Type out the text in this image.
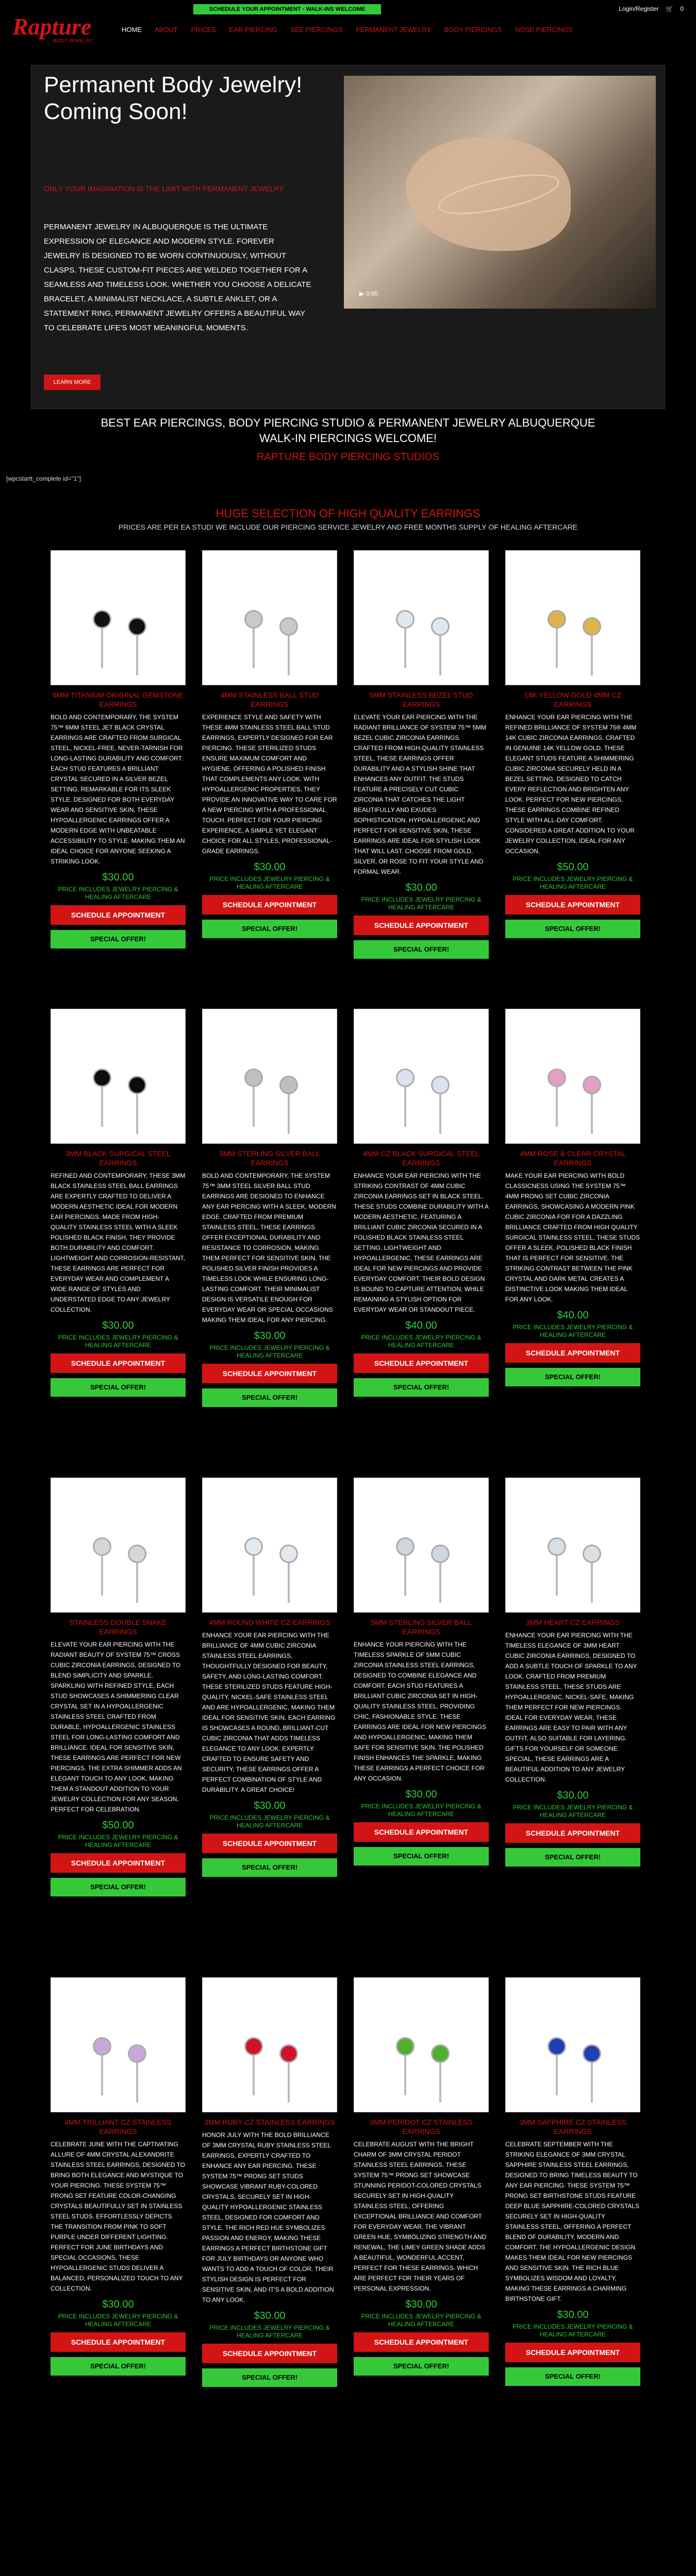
SCHEDULE YOUR APPOINTMENT · WALK-INS WELCOME	Login/Register 🛒 0
Rapture
BODY JEWELRY
HOME ABOUT PRICES EAR PIERCING SEE PIERCINGS PERMANENT JEWELRY BODY PIERCINGS NOSE PIERCINGS
Permanent Body Jewelry! Coming Soon!
ONLY YOUR IMAGINATION IS THE LIMIT WITH PERMANENT JEWELRY
PERMANENT JEWELRY IN ALBUQUERQUE IS THE ULTIMATE EXPRESSION OF ELEGANCE AND MODERN STYLE. FOREVER JEWELRY IS DESIGNED TO BE WORN CONTINUOUSLY, WITHOUT CLASPS. THESE CUSTOM-FIT PIECES ARE WELDED TOGETHER FOR A SEAMLESS AND TIMELESS LOOK. WHETHER YOU CHOOSE A DELICATE BRACELET, A MINIMALIST NECKLACE, A SUBTLE ANKLET, OR A STATEMENT RING, PERMANENT JEWELRY OFFERS A BEAUTIFUL WAY TO CELEBRATE LIFE'S MOST MEANINGFUL MOMENTS.
LEARN MORE
▶ 0:00
BEST EAR PIERCINGS, BODY PIERCING STUDIO & PERMANENT JEWELRY ALBUQUERQUE
WALK-IN PIERCINGS WELCOME!
RAPTURE BODY PIERCING STUDIOS
[wpcstartt_complete id="1"]
HUGE SELECTION OF HIGH QUALITY EARRINGS
PRICES ARE PER EA STUD! WE INCLUDE OUR PIERCING SERVICE JEWELRY AND FREE MONTHS SUPPLY OF HEALING AFTERCARE
6MM TITANIUM ORIGINAL GEMSTONE EARRINGS
BOLD AND CONTEMPORARY, THE SYSTEM 75™ 6MM STEEL JET BLACK CRYSTAL EARRINGS ARE CRAFTED FROM SURGICAL STEEL, NICKEL-FREE, NEVER-TARNISH FOR LONG-LASTING DURABILITY AND COMFORT. EACH STUD FEATURES A BRILLIANT CRYSTAL SECURED IN A SILVER BEZEL SETTING, REMARKABLE FOR ITS SLEEK STYLE. DESIGNED FOR BOTH EVERYDAY WEAR AND SENSITIVE SKIN, THESE HYPOALLERGENIC EARRINGS OFFER A MODERN EDGE WITH UNBEATABLE ACCESSIBILITY TO STYLE. MAKING THEM AN IDEAL CHOICE FOR ANYONE SEEKING A STRIKING LOOK.
$30.00
PRICE INCLUDES JEWELRY PIERCING & HEALING AFTERCARE
SCHEDULE APPOINTMENT
SPECIAL OFFER!
4MM STAINLESS BALL STUD EARRINGS
EXPERIENCE STYLE AND SAFETY WITH THESE 4MM STAINLESS STEEL BALL STUD EARRINGS, EXPERTLY DESIGNED FOR EAR PIERCING. THESE STERILIZED STUDS ENSURE MAXIMUM COMFORT AND HYGIENE, OFFERING A POLISHED FINISH THAT COMPLEMENTS ANY LOOK. WITH HYPOALLERGENIC PROPERTIES, THEY PROVIDE AN INNOVATIVE WAY TO CARE FOR A NEW PIERCING WITH A PROFESSIONAL TOUCH. PERFECT FOR YOUR PIERCING EXPERIENCE, A SIMPLE YET ELEGANT CHOICE FOR ALL STYLES, PROFESSIONAL-GRADE EARRINGS.
$30.00
PRICE INCLUDES JEWELRY PIERCING & HEALING AFTERCARE
SCHEDULE APPOINTMENT
SPECIAL OFFER!
5MM STAINLESS BEZEL STUD EARRINGS
ELEVATE YOUR EAR PIERCING WITH THE RADIANT BRILLIANCE OF SYSTEM 75™ 5MM BEZEL CUBIC ZIRCONIA EARRINGS. CRAFTED FROM HIGH-QUALITY STAINLESS STEEL, THESE EARRINGS OFFER DURABILITY AND A STYLISH SHINE THAT ENHANCES ANY OUTFIT. THE STUDS FEATURE A PRECISELY CUT CUBIC ZIRCONIA THAT CATCHES THE LIGHT BEAUTIFULLY AND EXUDES SOPHISTICATION. HYPOALLERGENIC AND PERFECT FOR SENSITIVE SKIN, THESE EARRINGS ARE IDEAL FOR STYLISH LOOK THAT WILL LAST. CHOOSE FROM GOLD, SILVER, OR ROSE TO FIT YOUR STYLE AND FORMAL WEAR.
$30.00
PRICE INCLUDES JEWELRY PIERCING & HEALING AFTERCARE
SCHEDULE APPOINTMENT
SPECIAL OFFER!
14K YELLOW GOLD 4MM CZ EARRINGS
ENHANCE YOUR EAR PIERCING WITH THE REFINED BRILLIANCE OF SYSTEM 75® 4MM 14K CUBIC ZIRCONIA EARRINGS. CRAFTED IN GENUINE 14K YELLOW GOLD, THESE ELEGANT STUDS FEATURE A SHIMMERING CUBIC ZIRCONIA SECURELY HELD IN A BEZEL SETTING, DESIGNED TO CATCH EVERY REFLECTION AND BRIGHTEN ANY LOOK. PERFECT FOR NEW PIERCINGS, THESE EARRINGS COMBINE REFINED STYLE WITH ALL-DAY COMFORT. CONSIDERED A GREAT ADDITION TO YOUR JEWELRY COLLECTION, IDEAL FOR ANY OCCASION.
$50.00
PRICE INCLUDES JEWELRY PIERCING & HEALING AFTERCARE
SCHEDULE APPOINTMENT
SPECIAL OFFER!
3MM BLACK SURGICAL STEEL EARRINGS
REFINED AND CONTEMPORARY, THESE 3MM BLACK STAINLESS STEEL BALL EARRINGS ARE EXPERTLY CRAFTED TO DELIVER A MODERN AESTHETIC IDEAL FOR MODERN EAR PIERCINGS. MADE FROM HIGH-QUALITY STAINLESS STEEL WITH A SLEEK POLISHED BLACK FINISH, THEY PROVIDE BOTH DURABILITY AND COMFORT. LIGHTWEIGHT AND CORROSION-RESISTANT, THESE EARRINGS ARE PERFECT FOR EVERYDAY WEAR AND COMPLEMENT A WIDE RANGE OF STYLES AND UNDERSTATED EDGE TO ANY JEWELRY COLLECTION.
$30.00
PRICE INCLUDES JEWELRY PIERCING & HEALING AFTERCARE
SCHEDULE APPOINTMENT
SPECIAL OFFER!
3MM STERLING SILVER BALL EARRINGS
BOLD AND CONTEMPORARY, THE SYSTEM 75™ 3MM STEEL SILVER BALL STUD EARRINGS ARE DESIGNED TO ENHANCE ANY EAR PIERCING WITH A SLEEK, MODERN EDGE. CRAFTED FROM PREMIUM STAINLESS STEEL, THESE EARRINGS OFFER EXCEPTIONAL DURABILITY AND RESISTANCE TO CORROSION, MAKING THEM PERFECT FOR SENSITIVE SKIN. THE POLISHED SILVER FINISH PROVIDES A TIMELESS LOOK WHILE ENSURING LONG-LASTING COMFORT. THEIR MINIMALIST DESIGN IS VERSATILE ENOUGH FOR EVERYDAY WEAR OR SPECIAL OCCASIONS MAKING THEM IDEAL FOR ANY PIERCING.
$30.00
PRICE INCLUDES JEWELRY PIERCING & HEALING AFTERCARE
SCHEDULE APPOINTMENT
SPECIAL OFFER!
4MM CZ BLACK SURGICAL STEEL EARRINGS
ENHANCE YOUR EAR PIERCING WITH THE STRIKING CONTRAST OF 4MM CUBIC ZIRCONIA EARRINGS SET IN BLACK STEEL. THESE STUDS COMBINE DURABILITY WITH A MODERN AESTHETIC, FEATURING A BRILLIANT CUBIC ZIRCONIA SECURED IN A POLISHED BLACK STAINLESS STEEL SETTING. LIGHTWEIGHT AND HYPOALLERGENIC, THESE EARRINGS ARE IDEAL FOR NEW PIERCINGS AND PROVIDE EVERYDAY COMFORT. THEIR BOLD DESIGN IS BOUND TO CAPTURE ATTENTION, WHILE REMAINING A STYLISH OPTION FOR EVERYDAY WEAR OR STANDOUT PIECE.
$40.00
PRICE INCLUDES JEWELRY PIERCING & HEALING AFTERCARE
SCHEDULE APPOINTMENT
SPECIAL OFFER!
4MM ROSE & CLEAR CRYSTAL EARRINGS
MAKE YOUR EAR PIERCING WITH BOLD CLASSICNESS USING THE SYSTEM 75™ 4MM PRONG SET CUBIC ZIRCONIA EARRINGS, SHOWCASING A MODERN PINK CUBIC ZIRCONIA FOR FOR A DAZZLING BRILLIANCE CRAFTED FROM HIGH QUALITY SURGICAL STAINLESS STEEL, THESE STUDS OFFER A SLEEK, POLISHED BLACK FINISH THAT IS PERFECT FOR SENSITIVE. THE STRIKING CONTRAST BETWEEN THE PINK CRYSTAL AND DARK METAL CREATES A DISTINCTIVE LOOK MAKING THEM IDEAL FOR ANY LOOK.
$40.00
PRICE INCLUDES JEWELRY PIERCING & HEALING AFTERCARE
SCHEDULE APPOINTMENT
SPECIAL OFFER!
STAINLESS DOUBLE SNAKE EARRINGS
ELEVATE YOUR EAR PIERCING WITH THE RADIANT BEAUTY OF SYSTEM 75™ CROSS CUBIC ZIRCONIA EARRINGS, DESIGNED TO BLEND SIMPLICITY AND SPARKLE. SPARKLING WITH REFINED STYLE, EACH STUD SHOWCASES A SHIMMERING CLEAR CRYSTAL SET IN A HYPOALLERGENIC STAINLESS STEEL CRAFTED FROM DURABLE, HYPOALLERGENIC STAINLESS STEEL FOR LONG-LASTING COMFORT AND BRILLIANCE. IDEAL FOR SENSITIVE SKIN, THESE EARRINGS ARE PERFECT FOR NEW PIERCINGS. THE EXTRA SHIMMER ADDS AN ELEGANT TOUCH TO ANY LOOK, MAKING THEM A STANDOUT ADDITION TO YOUR JEWELRY COLLECTION FOR ANY SEASON, PERFECT FOR CELEBRATION.
$50.00
PRICE INCLUDES JEWELRY PIERCING & HEALING AFTERCARE
SCHEDULE APPOINTMENT
SPECIAL OFFER!
4MM ROUND WHITE CZ EARRINGS
ENHANCE YOUR EAR PIERCING WITH THE BRILLIANCE OF 4MM CUBIC ZIRCONIA STAINLESS STEEL EARRINGS, THOUGHTFULLY DESIGNED FOR BEAUTY, SAFETY, AND LONG-LASTING COMFORT. THESE STERILIZED STUDS FEATURE HIGH-QUALITY, NICKEL-SAFE STAINLESS STEEL AND ARE HYPOALLERGENIC, MAKING THEM IDEAL FOR SENSITIVE SKIN. EACH EARRING IS SHOWCASES A ROUND, BRILLIANT-CUT CUBIC ZIRCONIA THAT ADDS TIMELESS ELEGANCE TO ANY LOOK. EXPERTLY CRAFTED TO ENSURE SAFETY AND SECURITY, THESE EARRINGS OFFER A PERFECT COMBINATION OF STYLE AND DURABILITY. A GREAT CHOICE!
$30.00
PRICE INCLUDES JEWELRY PIERCING & HEALING AFTERCARE
SCHEDULE APPOINTMENT
SPECIAL OFFER!
5MM STERLING SILVER BALL EARRINGS
ENHANCE YOUR PIERCING WITH THE TIMELESS SPARKLE OF 5MM CUBIC ZIRCONIA STAINLESS STEEL EARRINGS, DESIGNED TO COMBINE ELEGANCE AND COMFORT. EACH STUD FEATURES A BRILLIANT CUBIC ZIRCONIA SET IN HIGH-QUALITY STAINLESS STEEL, PROVIDING CHIC, FASHIONABLE STYLE. THESE EARRINGS ARE IDEAL FOR NEW PIERCINGS AND HYPOALLERGENIC, MAKING THEM SAFE FOR SENSITIVE SKIN. THE POLISHED FINISH ENHANCES THE SPARKLE, MAKING THESE EARRINGS A PERFECT CHOICE FOR ANY OCCASION.
$30.00
PRICE INCLUDES JEWELRY PIERCING & HEALING AFTERCARE
SCHEDULE APPOINTMENT
SPECIAL OFFER!
3MM HEART CZ EARRINGS
ENHANCE YOUR EAR PIERCING WITH THE TIMELESS ELEGANCE OF 3MM HEART CUBIC ZIRCONIA EARRINGS, DESIGNED TO ADD A SUBTLE TOUCH OF SPARKLE TO ANY LOOK. CRAFTED FROM PREMIUM STAINLESS STEEL, THESE STUDS ARE HYPOALLERGENIC, NICKEL-SAFE, MAKING THEM PERFECT FOR NEW PIERCINGS. IDEAL FOR EVERYDAY WEAR, THESE EARRINGS ARE EASY TO PAIR WITH ANY OUTFIT, ALSO SUITABLE FOR LAYERING. GIFTS FOR YOURSELF OR SOMEONE SPECIAL, THESE EARRINGS ARE A BEAUTIFUL ADDITION TO ANY JEWELRY COLLECTION.
$30.00
PRICE INCLUDES JEWELRY PIERCING & HEALING AFTERCARE
SCHEDULE APPOINTMENT
SPECIAL OFFER!
4MM TRILLIANT CZ STAINLESS EARRINGS
CELEBRATE JUNE WITH THE CAPTIVATING ALLURE OF 4MM CRYSTAL ALEXANDRITE STAINLESS STEEL EARRINGS, DESIGNED TO BRING BOTH ELEGANCE AND MYSTIQUE TO YOUR PIERCING. THESE SYSTEM 75™ PRONG SET FEATURE COLOR-CHANGING CRYSTALS BEAUTIFULLY SET IN STAINLESS STEEL STUDS. EFFORTLESSLY DEPICTS THE TRANSITION FROM PINK TO SOFT PURPLE UNDER DIFFERENT LIGHTING. PERFECT FOR JUNE BIRTHDAYS AND SPECIAL OCCASIONS, THESE HYPOALLERGENIC STUDS DELIVER A BALANCED, PERSONALIZED TOUCH TO ANY COLLECTION.
$30.00
PRICE INCLUDES JEWELRY PIERCING & HEALING AFTERCARE
SCHEDULE APPOINTMENT
SPECIAL OFFER!
3MM RUBY CZ STAINLESS EARRINGS
HONOR JULY WITH THE BOLD BRILLIANCE OF 3MM CRYSTAL RUBY STAINLESS STEEL EARRINGS, EXPERTLY CRAFTED TO ENHANCE ANY EAR PIERCING. THESE SYSTEM 75™ PRONG SET STUDS SHOWCASE VIBRANT RUBY-COLORED CRYSTALS, SECURELY SET IN HIGH-QUALITY HYPOALLERGENIC STAINLESS STEEL, DESIGNED FOR COMFORT AND STYLE. THE RICH RED HUE SYMBOLIZES PASSION AND ENERGY, MAKING THESE EARRINGS A PERFECT BIRTHSTONE GIFT FOR JULY BIRTHDAYS OR ANYONE WHO WANTS TO ADD A TOUCH OF COLOR. THEIR STYLISH DESIGN IS PERFECT FOR SENSITIVE SKIN, AND IT'S A BOLD ADDITION TO ANY LOOK.
$30.00
PRICE INCLUDES JEWELRY PIERCING & HEALING AFTERCARE
SCHEDULE APPOINTMENT
SPECIAL OFFER!
3MM PERIDOT CZ STAINLESS EARRINGS
CELEBRATE AUGUST WITH THE BRIGHT CHARM OF 3MM CRYSTAL PERIDOT STAINLESS STEEL EARRINGS. THESE SYSTEM 75™ PRONG SET SHOWCASE STUNNING PERIDOT-COLORED CRYSTALS SECURELY SET IN HIGH-QUALITY STAINLESS STEEL, OFFERING EXCEPTIONAL BRILLIANCE AND COMFORT FOR EVERYDAY WEAR. THE VIBRANT GREEN HUE, SYMBOLIZING STRENGTH AND RENEWAL, THE LIMEY GREEN SHADE ADDS A BEAUTIFUL, WONDERFUL ACCENT, PERFECT FOR THESE EARRINGS, WHICH ARE PERFECT FOR THEIR YEARS OF PERSONAL EXPRESSION.
$30.00
PRICE INCLUDES JEWELRY PIERCING & HEALING AFTERCARE
SCHEDULE APPOINTMENT
SPECIAL OFFER!
3MM SAPPHIRE CZ STAINLESS EARRINGS
CELEBRATE SEPTEMBER WITH THE STRIKING ELEGANCE OF 3MM CRYSTAL SAPPHIRE STAINLESS STEEL EARRINGS, DESIGNED TO BRING TIMELESS BEAUTY TO ANY EAR PIERCING. THESE SYSTEM 75™ PRONG SET BIRTHSTONE STUDS FEATURE DEEP BLUE SAPPHIRE-COLORED CRYSTALS SECURELY SET IN HIGH-QUALITY STAINLESS STEEL, OFFERING A PERFECT BLEND OF DURABILITY, MODERN AND COMFORT. THE HYPOALLERGENIC DESIGN MAKES THEM IDEAL FOR NEW PIERCINGS AND SENSITIVE SKIN. THE RICH BLUE SYMBOLIZES WISDOM AND LOYALTY, MAKING THESE EARRINGS A CHARMING BIRTHSTONE GIFT.
$30.00
PRICE INCLUDES JEWELRY PIERCING & HEALING AFTERCARE
SCHEDULE APPOINTMENT
SPECIAL OFFER!
